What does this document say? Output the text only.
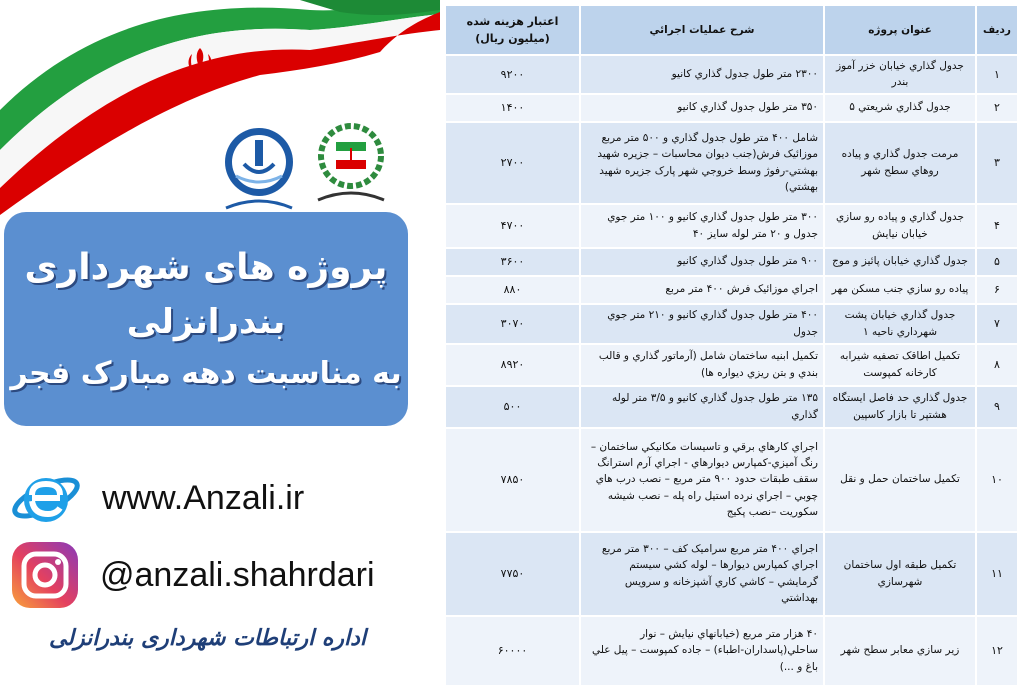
پروژه های شهرداری
بندرانزلی
به مناسبت دهه مبارک فجر
www.Anzali.ir
@anzali.shahrdari
اداره ارتباطات شهرداری بندرانزلی
رديف	عنوان پروژه	شرح عمليات اجرائي	اعتبار هزينه شده (ميليون ريال)
۱	جدول گذاري خيابان خزر آموز بندر	۲۳۰۰ متر طول جدول گذاري کانيو	۹۲۰۰
۲	جدول گذاري شريعتي ۵	۳۵۰ متر طول جدول گذاري کانيو	۱۴۰۰
۳	مرمت جدول گذاري و پياده روهاي سطح شهر	شامل ۴۰۰ متر طول جدول گذاري و ۵۰۰ متر مربع موزائيک فرش(جنب ديوان محاسبات – جزيره شهيد بهشتي-رفوژ وسط خروجي شهر پارک جزيره شهيد بهشتي)	۲۷۰۰
۴	جدول گذاري و پياده رو سازي خيابان نيايش	۳۰۰ متر طول جدول گذاري کانيو و ۱۰۰ متر جوي جدول و ۲۰ متر لوله سايز ۴۰	۴۷۰۰
۵	جدول گذاري خيابان پائيز و موج	۹۰۰ متر طول جدول گذاري کانيو	۳۶۰۰
۶	پياده رو سازي جنب مسکن مهر	اجراي موزائيک فرش ۴۰۰ متر مربع	۸۸۰
۷	جدول گذاري خيابان پشت شهرداري ناحيه ۱	۴۰۰ متر طول جدول گذاري کانيو و ۲۱۰ متر جوي جدول	۳۰۷۰
۸	تکميل اطاقک تصفيه شيرابه کارخانه کمپوست	تکميل ابنيه ساختمان شامل (آرماتور گذاري و قالب بندي و بتن ريزي ديواره ها)	۸۹۲۰
۹	جدول گذاري حد فاصل ايستگاه هشتپر تا بازار کاسپين	۱۳۵ متر طول جدول گذاري کانيو و ۳/۵ متر لوله گذاري	۵۰۰
۱۰	تکميل ساختمان حمل و نقل	اجراي کارهاي برقي و تاسيسات مکانيکي ساختمان – رنگ آميزي-کمپارس ديوارهاي - اجراي آرم استرانگ سقف طبقات حدود ۹۰۰ متر مربع – نصب درب هاي چوبي – اجراي نرده استيل راه پله – نصب شيشه سکوريت –نصب پکيج	۷۸۵۰
۱۱	تکميل طبقه اول ساختمان شهرسازي	اجراي ۴۰۰ متر مربع سراميک کف – ۳۰۰ متر مربع اجراي کمپارس ديوارها – لوله کشي سيستم گرمايشي – کاشي کاري آشپزخانه و سرويس بهداشتي	۷۷۵۰
۱۲	زير سازي معابر سطح شهر	۴۰ هزار متر مربع (خيابانهاي نيايش – نوار ساحلي(پاسداران-اطباء) – جاده کمپوست – پيل علي باغ و ...)	۶۰۰۰۰
